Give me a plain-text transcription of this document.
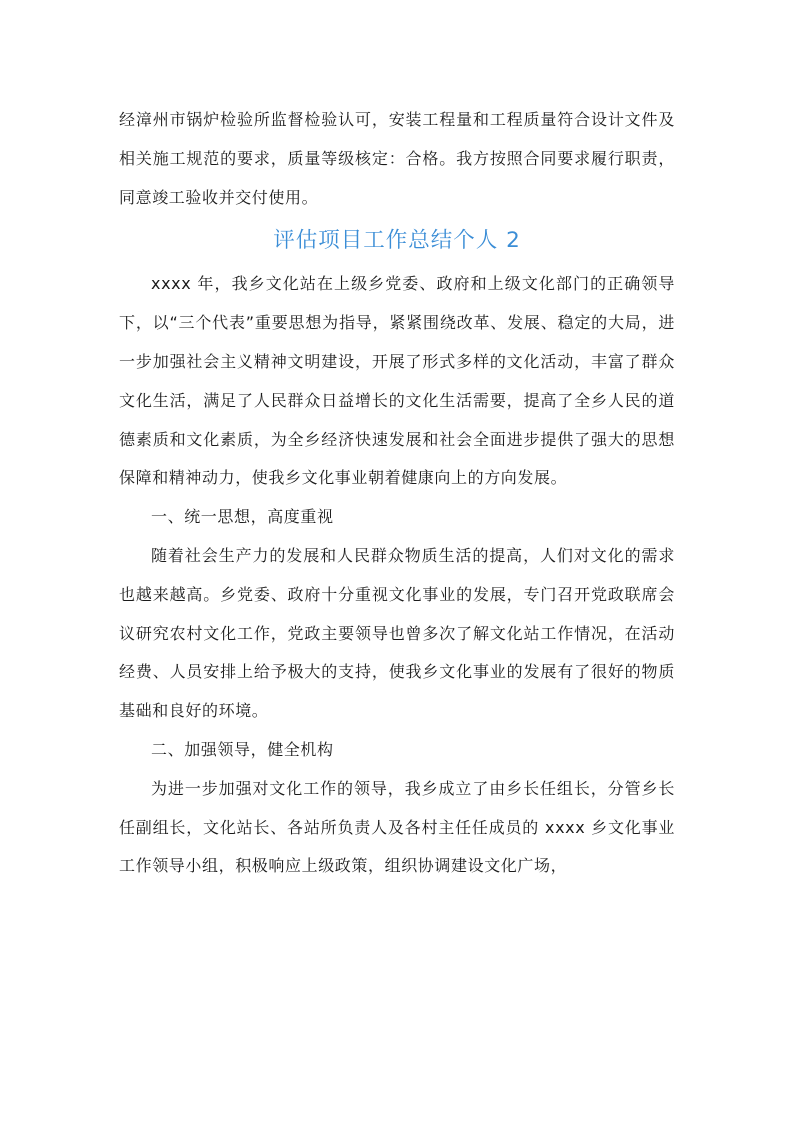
经漳州市锅炉检验所监督检验认可，安装工程量和工程质量符合设计文件及相关施工规范的要求，质量等级核定：合格。我方按照合同要求履行职责，同意竣工验收并交付使用。

评估项目工作总结个人 2

xxxx 年，我乡文化站在上级乡党委、政府和上级文化部门的正确领导下，以“三个代表”重要思想为指导，紧紧围绕改革、发展、稳定的大局，进一步加强社会主义精神文明建设，开展了形式多样的文化活动，丰富了群众文化生活，满足了人民群众日益增长的文化生活需要，提高了全乡人民的道德素质和文化素质，为全乡经济快速发展和社会全面进步提供了强大的思想保障和精神动力，使我乡文化事业朝着健康向上的方向发展。

一、统一思想，高度重视

随着社会生产力的发展和人民群众物质生活的提高，人们对文化的需求也越来越高。乡党委、政府十分重视文化事业的发展，专门召开党政联席会议研究农村文化工作，党政主要领导也曾多次了解文化站工作情况，在活动经费、人员安排上给予极大的支持，使我乡文化事业的发展有了很好的物质基础和良好的环境。

二、加强领导，健全机构

为进一步加强对文化工作的领导，我乡成立了由乡长任组长，分管乡长任副组长，文化站长、各站所负责人及各村主任任成员的 xxxx 乡文化事业工作领导小组，积极响应上级政策，组织协调建设文化广场，
